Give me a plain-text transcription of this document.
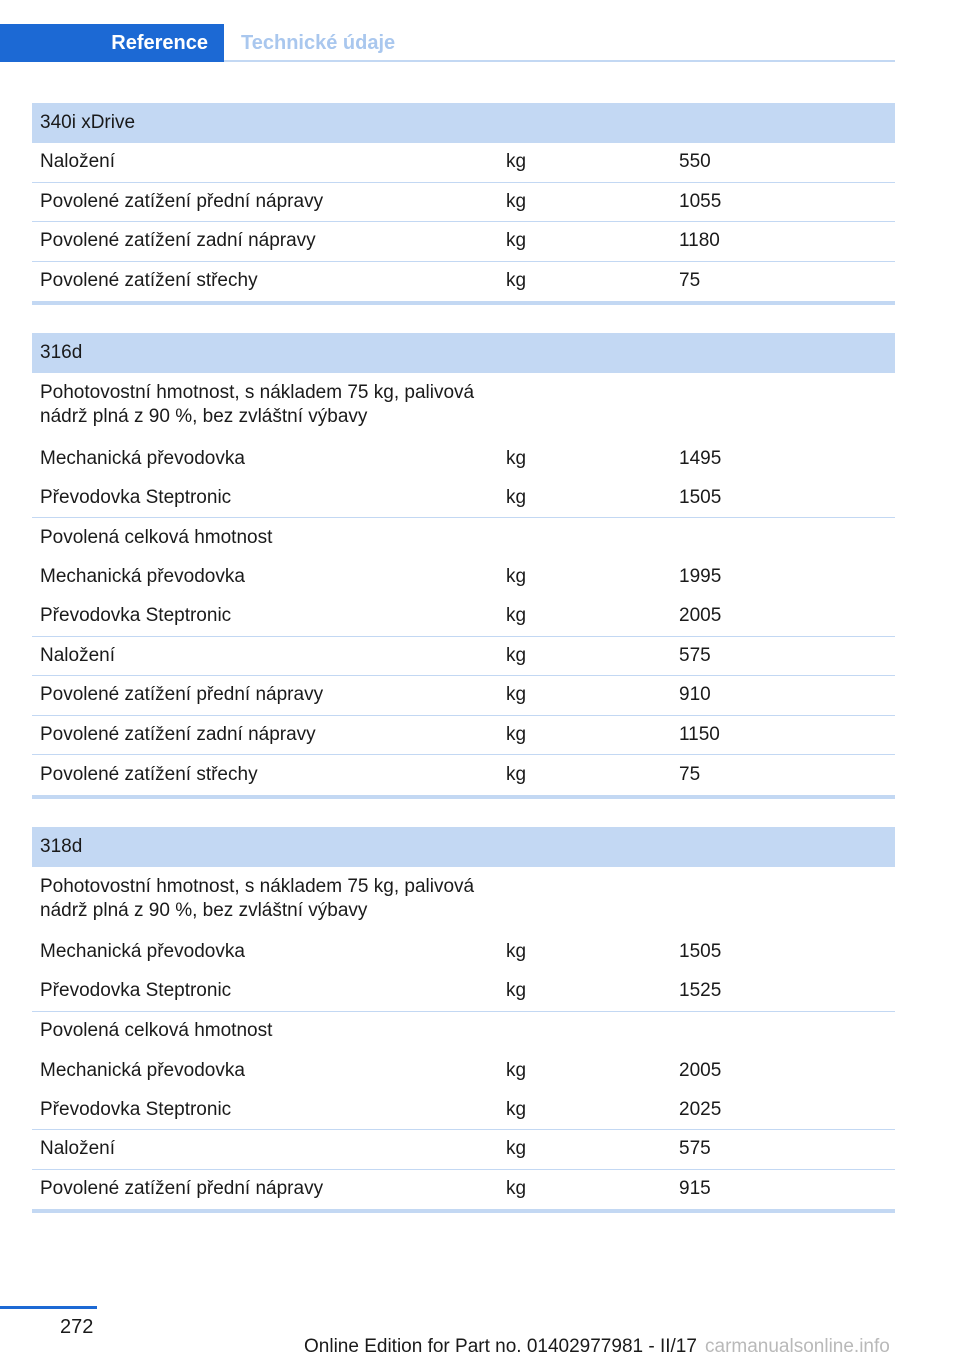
Reference Technické údaje
340i xDrive
Naložení	kg	550
Povolené zatížení přední nápravy	kg	1055
Povolené zatížení zadní nápravy	kg	1180
Povolené zatížení střechy	kg	75
316d
Pohotovostní hmotnost, s nákladem 75 kg, palivová nádrž plná z 90 %, bez zvláštní výbavy
Mechanická převodovka	kg	1495
Převodovka Steptronic	kg	1505
Povolená celková hmotnost
Mechanická převodovka	kg	1995
Převodovka Steptronic	kg	2005
Naložení	kg	575
Povolené zatížení přední nápravy	kg	910
Povolené zatížení zadní nápravy	kg	1150
Povolené zatížení střechy	kg	75
318d
Pohotovostní hmotnost, s nákladem 75 kg, palivová nádrž plná z 90 %, bez zvláštní výbavy
Mechanická převodovka	kg	1505
Převodovka Steptronic	kg	1525
Povolená celková hmotnost
Mechanická převodovka	kg	2005
Převodovka Steptronic	kg	2025
Naložení	kg	575
Povolené zatížení přední nápravy	kg	915
272
Online Edition for Part no. 01402977981 - II/17 carmanualsonline.info
